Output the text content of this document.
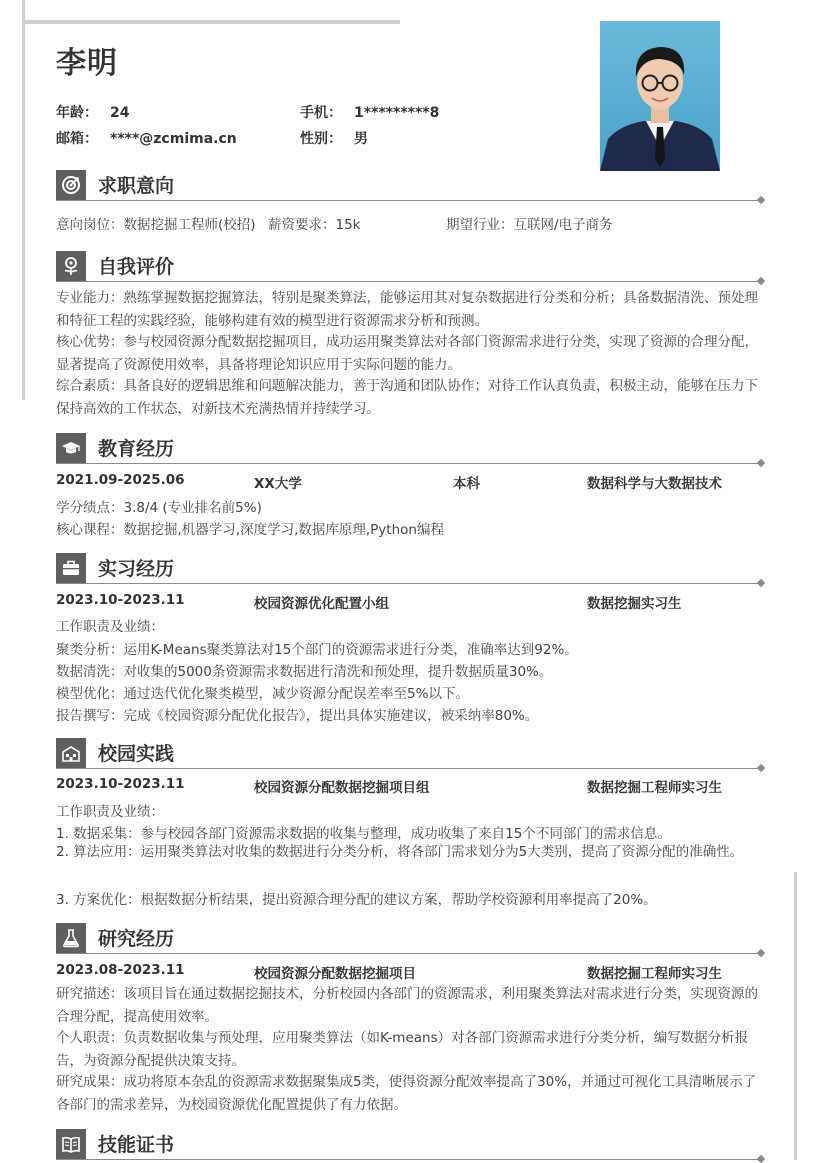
李明
年龄： 24	手机： 1*********8
邮箱： ****@zcmima.cn	性别： 男
求职意向
意向岗位：数据挖掘工程师(校招) 薪资要求：15k	期望行业：互联网/电子商务
自我评价
专业能力：熟练掌握数据挖掘算法，特别是聚类算法，能够运用其对复杂数据进行分类和分析；具备数据清洗、预处理和特征工程的实践经验，能够构建有效的模型进行资源需求分析和预测。
核心优势：参与校园资源分配数据挖掘项目，成功运用聚类算法对各部门资源需求进行分类，实现了资源的合理分配，显著提高了资源使用效率，具备将理论知识应用于实际问题的能力。
综合素质：具备良好的逻辑思维和问题解决能力，善于沟通和团队协作；对待工作认真负责，积极主动，能够在压力下保持高效的工作状态，对新技术充满热情并持续学习。
教育经历
2021.09-2025.06	XX大学	本科	数据科学与大数据技术
学分绩点：3.8/4 (专业排名前5%)
核心课程：数据挖掘,机器学习,深度学习,数据库原理,Python编程
实习经历
2023.10-2023.11	校园资源优化配置小组	数据挖掘实习生
工作职责及业绩：
聚类分析：运用K-Means聚类算法对15个部门的资源需求进行分类，准确率达到92%。
数据清洗：对收集的5000条资源需求数据进行清洗和预处理，提升数据质量30%。
模型优化：通过迭代优化聚类模型，减少资源分配误差率至5%以下。
报告撰写：完成《校园资源分配优化报告》，提出具体实施建议，被采纳率80%。
校园实践
2023.10-2023.11	校园资源分配数据挖掘项目组	数据挖掘工程师实习生
工作职责及业绩：
1. 数据采集：参与校园各部门资源需求数据的收集与整理，成功收集了来自15个不同部门的需求信息。
2. 算法应用：运用聚类算法对收集的数据进行分类分析，将各部门需求划分为5大类别，提高了资源分配的准确性。
3. 方案优化：根据数据分析结果，提出资源合理分配的建议方案，帮助学校资源利用率提高了20%。
研究经历
2023.08-2023.11	校园资源分配数据挖掘项目	数据挖掘工程师实习生
研究描述：该项目旨在通过数据挖掘技术，分析校园内各部门的资源需求，利用聚类算法对需求进行分类，实现资源的合理分配，提高使用效率。
个人职责：负责数据收集与预处理，应用聚类算法（如K-means）对各部门资源需求进行分类分析，编写数据分析报告，为资源分配提供决策支持。
研究成果：成功将原本杂乱的资源需求数据聚集成5类，使得资源分配效率提高了30%，并通过可视化工具清晰展示了各部门的需求差异，为校园资源优化配置提供了有力依据。
技能证书
